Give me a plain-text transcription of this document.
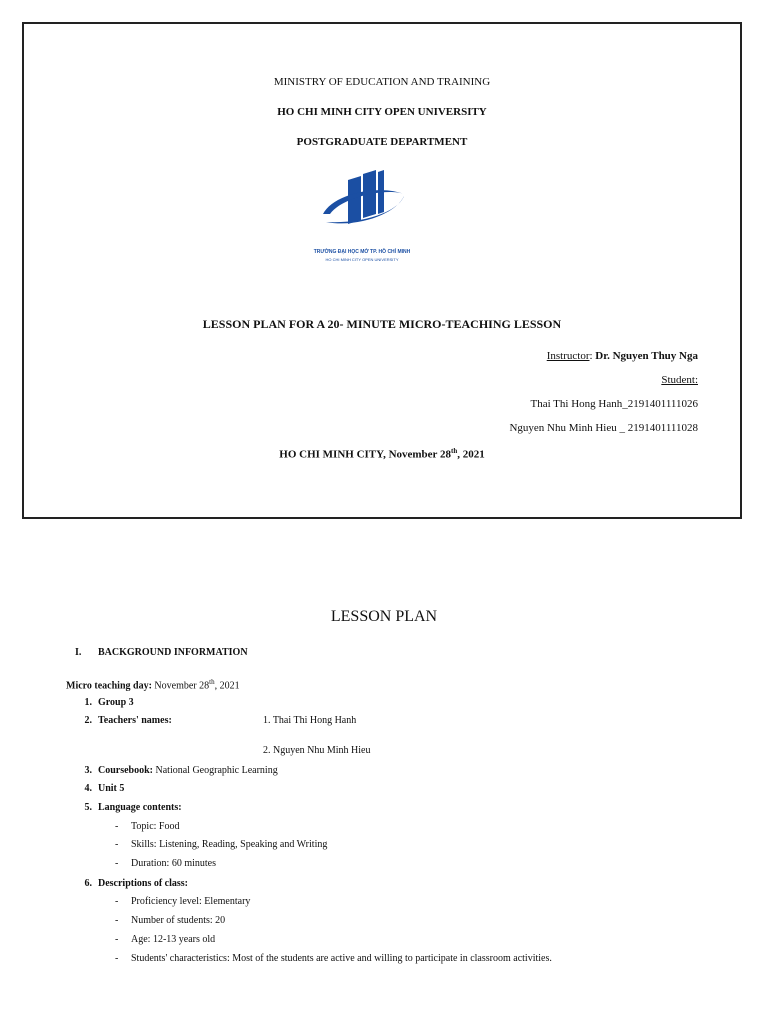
MINISTRY OF EDUCATION AND TRAINING
HO CHI MINH CITY OPEN UNIVERSITY
POSTGRADUATE DEPARTMENT
TRƯỜNG ĐẠI HỌC MỞ TP. HỒ CHÍ MINH
HO CHI MINH CITY OPEN UNIVERSITY
LESSON PLAN FOR A 20- MINUTE MICRO-TEACHING LESSON
Instructor: Dr. Nguyen Thuy Nga
Student:
Thai Thi Hong Hanh_2191401111026
Nguyen Nhu Minh Hieu _ 2191401111028
HO CHI MINH CITY, November 28th, 2021
LESSON PLAN
I. BACKGROUND INFORMATION
Micro teaching day: November 28th, 2021
1. Group 3
2. Teachers' names:	1. Thai Thi Hong Hanh
2. Nguyen Nhu Minh Hieu
3. Coursebook: National Geographic Learning
4. Unit 5
5. Language contents:
- Topic: Food
- Skills: Listening, Reading, Speaking and Writing
- Duration: 60 minutes
6. Descriptions of class:
- Proficiency level: Elementary
- Number of students: 20
- Age: 12-13 years old
- Students' characteristics: Most of the students are active and willing to participate in classroom activities.
